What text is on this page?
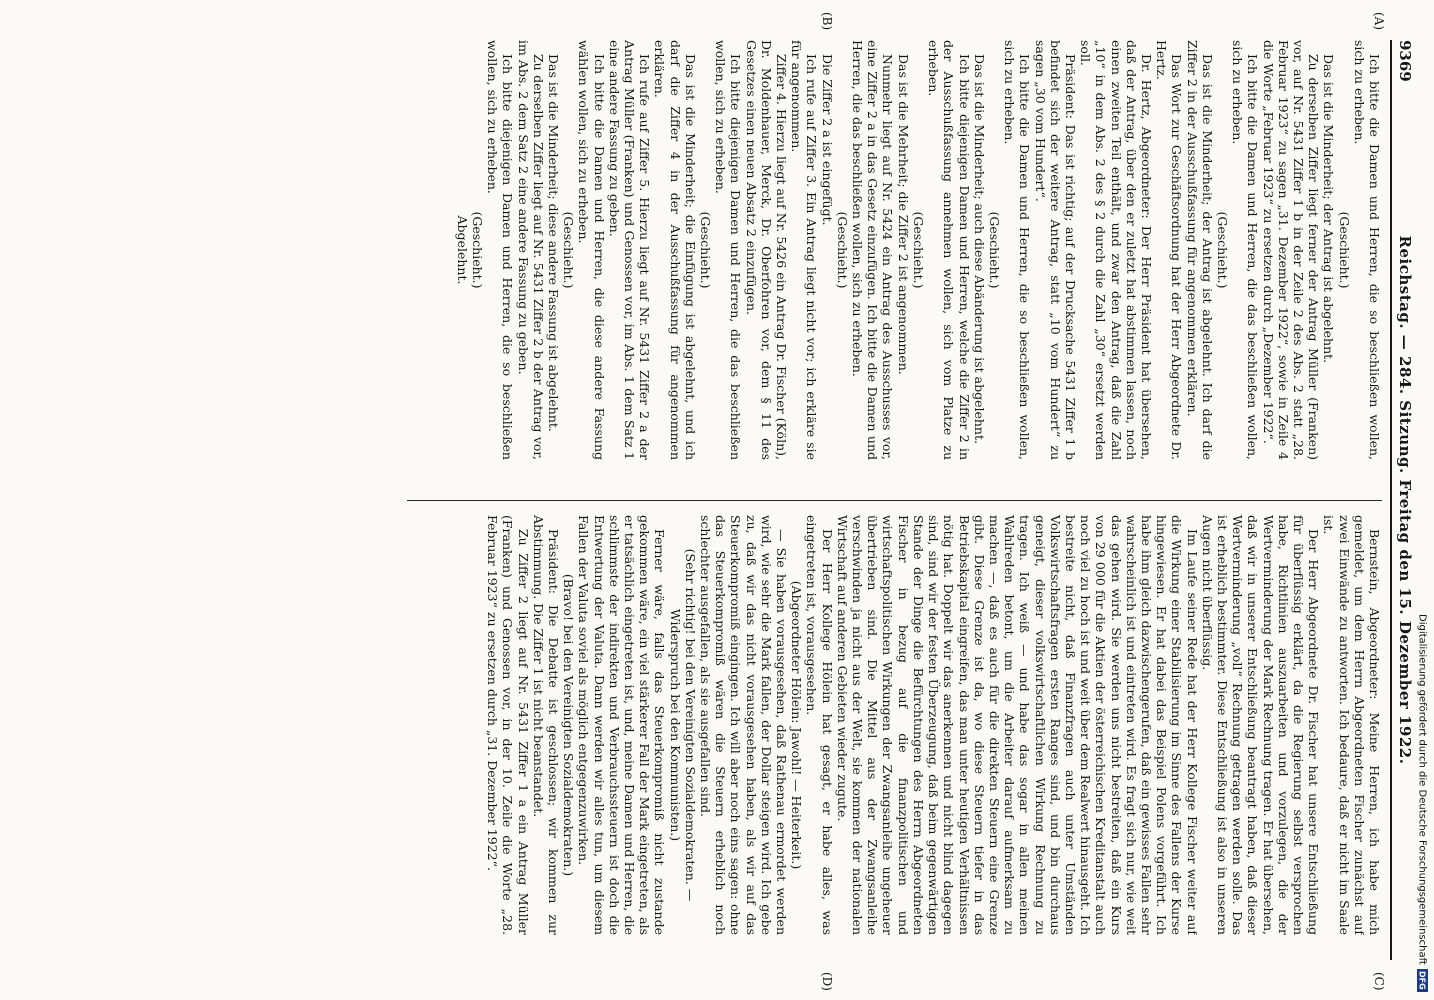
9369
Reichstag. — 284. Sitzung. Freitag den 15. Dezember 1922.
(A)
(B)
(C)
(D)

Ich bitte die Damen und Herren, die so beschließen wollen, sich zu erheben.

(Geschieht.)

Das ist die Minderheit; der Antrag ist abgelehnt.

Zu derselben Ziffer liegt ferner der Antrag Müller (Franken) vor, auf Nr. 5431 Ziffer 1 b in der Zeile 2 des Abs. 2 statt „28. Februar 1923“ zu sagen „31. Dezember 1922“, sowie in Zeile 4 die Worte „Februar 1923“ zu ersetzen durch „Dezember 1922“.

Ich bitte die Damen und Herren, die das beschließen wollen, sich zu erheben.

(Geschieht.)

Das ist die Minderheit; der Antrag ist abgelehnt. Ich darf die Ziffer 2 in der Ausschußfassung für angenommen erklären.

Das Wort zur Geschäftsordnung hat der Herr Abgeordnete Dr. Hertz.

Dr. Hertz, Abgeordneter: Der Herr Präsident hat übersehen, daß der Antrag, über den er zuletzt hat abstimmen lassen, noch einen zweiten Teil enthält, und zwar den Antrag, daß die Zahl „10“ in dem Abs. 2 des § 2 durch die Zahl „30“ ersetzt werden soll.

Präsident: Das ist richtig; auf der Drucksache 5431 Ziffer 1 b befindet sich der weitere Antrag, statt „10 vom Hundert“ zu sagen „30 vom Hundert“.

Ich bitte die Damen und Herren, die so beschließen wollen, sich zu erheben.

(Geschieht.)

Das ist die Minderheit; auch diese Abänderung ist abgelehnt.

Ich bitte diejenigen Damen und Herren, welche die Ziffer 2 in der Ausschußfassung annehmen wollen, sich vom Platze zu erheben.

(Geschieht.)

Das ist die Mehrheit; die Ziffer 2 ist angenommen.

Nunmehr liegt auf Nr. 5424 ein Antrag des Ausschusses vor, eine Ziffer 2 a in das Gesetz einzufügen. Ich bitte die Damen und Herren, die das beschließen wollen, sich zu erheben.

(Geschieht.)

Die Ziffer 2 a ist eingefügt.

Ich rufe auf Ziffer 3. Ein Antrag liegt nicht vor; ich erkläre sie für angenommen.

Ziffer 4. Hierzu liegt auf Nr. 5426 ein Antrag Dr. Fischer (Köln), Dr. Moldenhauer, Merck, Dr. Oberfohren vor, dem § 11 des Gesetzes einen neuen Absatz 2 einzufügen.

Ich bitte diejenigen Damen und Herren, die das beschließen wollen, sich zu erheben.

(Geschieht.)

Das ist die Minderheit; die Einfügung ist abgelehnt, und ich darf die Ziffer 4 in der Ausschußfassung für angenommen erklären.

Ich rufe auf Ziffer 5. Hierzu liegt auf Nr. 5431 Ziffer 2 a der Antrag Müller (Franken) und Genossen vor, im Abs. 1 dem Satz 1 eine andere Fassung zu geben.

Ich bitte die Damen und Herren, die diese andere Fassung wählen wollen, sich zu erheben.

(Geschieht.)

Das ist die Minderheit; diese andere Fassung ist abgelehnt.

Zu derselben Ziffer liegt auf Nr. 5431 Ziffer 2 b der Antrag vor, im Abs. 2 dem Satz 2 eine andere Fassung zu geben.

Ich bitte diejenigen Damen und Herren, die so beschließen wollen, sich zu erheben.

(Geschieht.)

Abgelehnt.

Bernstein, Abgeordneter: Meine Herren, ich habe mich gemeldet, um dem Herrn Abgeordneten Fischer zunächst auf zwei Einwände zu antworten. Ich bedaure, daß er nicht im Saale ist.

Der Herr Abgeordnete Dr. Fischer hat unsere Entschließung für überflüssig erklärt, da die Regierung selbst versprochen habe, Richtlinien auszuarbeiten und vorzulegen, die der Wertverminderung der Mark Rechnung tragen. Er hat übersehen, daß wir in unserer Entschließung beantragt haben, daß dieser Wertverminderung „voll“ Rechnung getragen werden solle. Das ist erheblich bestimmter. Diese Entschließung ist also in unseren Augen nicht überflüssig.

Im Laufe seiner Rede hat der Herr Kollege Fischer weiter auf die Wirkung einer Stabilisierung im Sinne des Fallens der Kurse hingewiesen. Er hat dabei das Beispiel Polens vorgeführt. Ich habe ihm gleich dazwischengerufen, daß ein gewisses Fallen sehr wahrscheinlich ist und eintreten wird. Es fragt sich nur, wie weit das gehen wird. Sie werden uns nicht bestreiten, daß ein Kurs von 29 000 für die Aktien der österreichischen Kreditanstalt auch noch viel zu hoch ist und weit über dem Realwert hinausgeht. Ich bestreite nicht, daß Finanzfragen auch unter Umständen Volkswirtschaftsfragen ersten Ranges sind, und bin durchaus geneigt, dieser volkswirtschaftlichen Wirkung Rechnung zu tragen. Ich weiß — und habe das sogar in allen meinen Wahlreden betont, um die Arbeiter darauf aufmerksam zu machen —, daß es auch für die direkten Steuern eine Grenze gibt. Diese Grenze ist da, wo diese Steuern tiefer in das Betriebskapital eingreifen, das man unter heutigen Verhältnissen nötig hat. Doppelt wir das anerkennen und nicht blind dagegen sind, sind wir der festen Überzeugung, daß beim gegenwärtigen Stande der Dinge die Befürchtungen des Herrn Abgeordneten Fischer in bezug auf die finanzpolitischen und wirtschaftspolitischen Wirkungen der Zwangsanleihe ungeheuer übertrieben sind. Die Mittel aus der Zwangsanleihe verschwinden ja nicht aus der Welt, sie kommen der nationalen Wirtschaft auf anderen Gebieten wieder zugute.

Der Herr Kollege Hölein hat gesagt, er habe alles, was eingetreten ist, vorausgesehen.

(Abgeordneter Hölein: Jawohl! — Heiterkeit.)

— Sie haben vorausgesehen, daß Rathenau ermordet werden wird, wie sehr die Mark fallen, der Dollar steigen wird. Ich gebe zu, daß wir das nicht vorausgesehen haben, als wir auf das Steuerkompromiß eingingen. Ich will aber noch eins sagen: ohne das Steuerkompromiß wären die Steuern erheblich noch schlechter ausgefallen, als sie ausgefallen sind.

(Sehr richtig! bei den Vereinigten Sozialdemokraten. — Widerspruch bei den Kommunisten.)

Ferner wäre, falls das Steuerkompromiß nicht zustande gekommen wäre, ein viel stärkerer Fall der Mark eingetreten, als er tatsächlich eingetreten ist, und, meine Damen und Herren, die schlimmste der indirekten und Verbrauchssteuern ist doch die Entwertung der Valuta. Dann werden wir alles tun, um diesem Fallen der Valuta soviel als möglich entgegenzuwirken.

(Bravo! bei den Vereinigten Sozialdemokraten.)

Präsident: Die Debatte ist geschlossen; wir kommen zur Abstimmung. Die Ziffer 1 ist nicht beanstandet.

Zu Ziffer 2 liegt auf Nr. 5431 Ziffer 1 a ein Antrag Müller (Franken) und Genossen vor, in der 10. Zeile die Worte „28. Februar 1923“ zu ersetzen durch „31. Dezember 1922“.	Digitalisierung gefördert durch die Deutsche Forschungsgemeinschaft
DFG
